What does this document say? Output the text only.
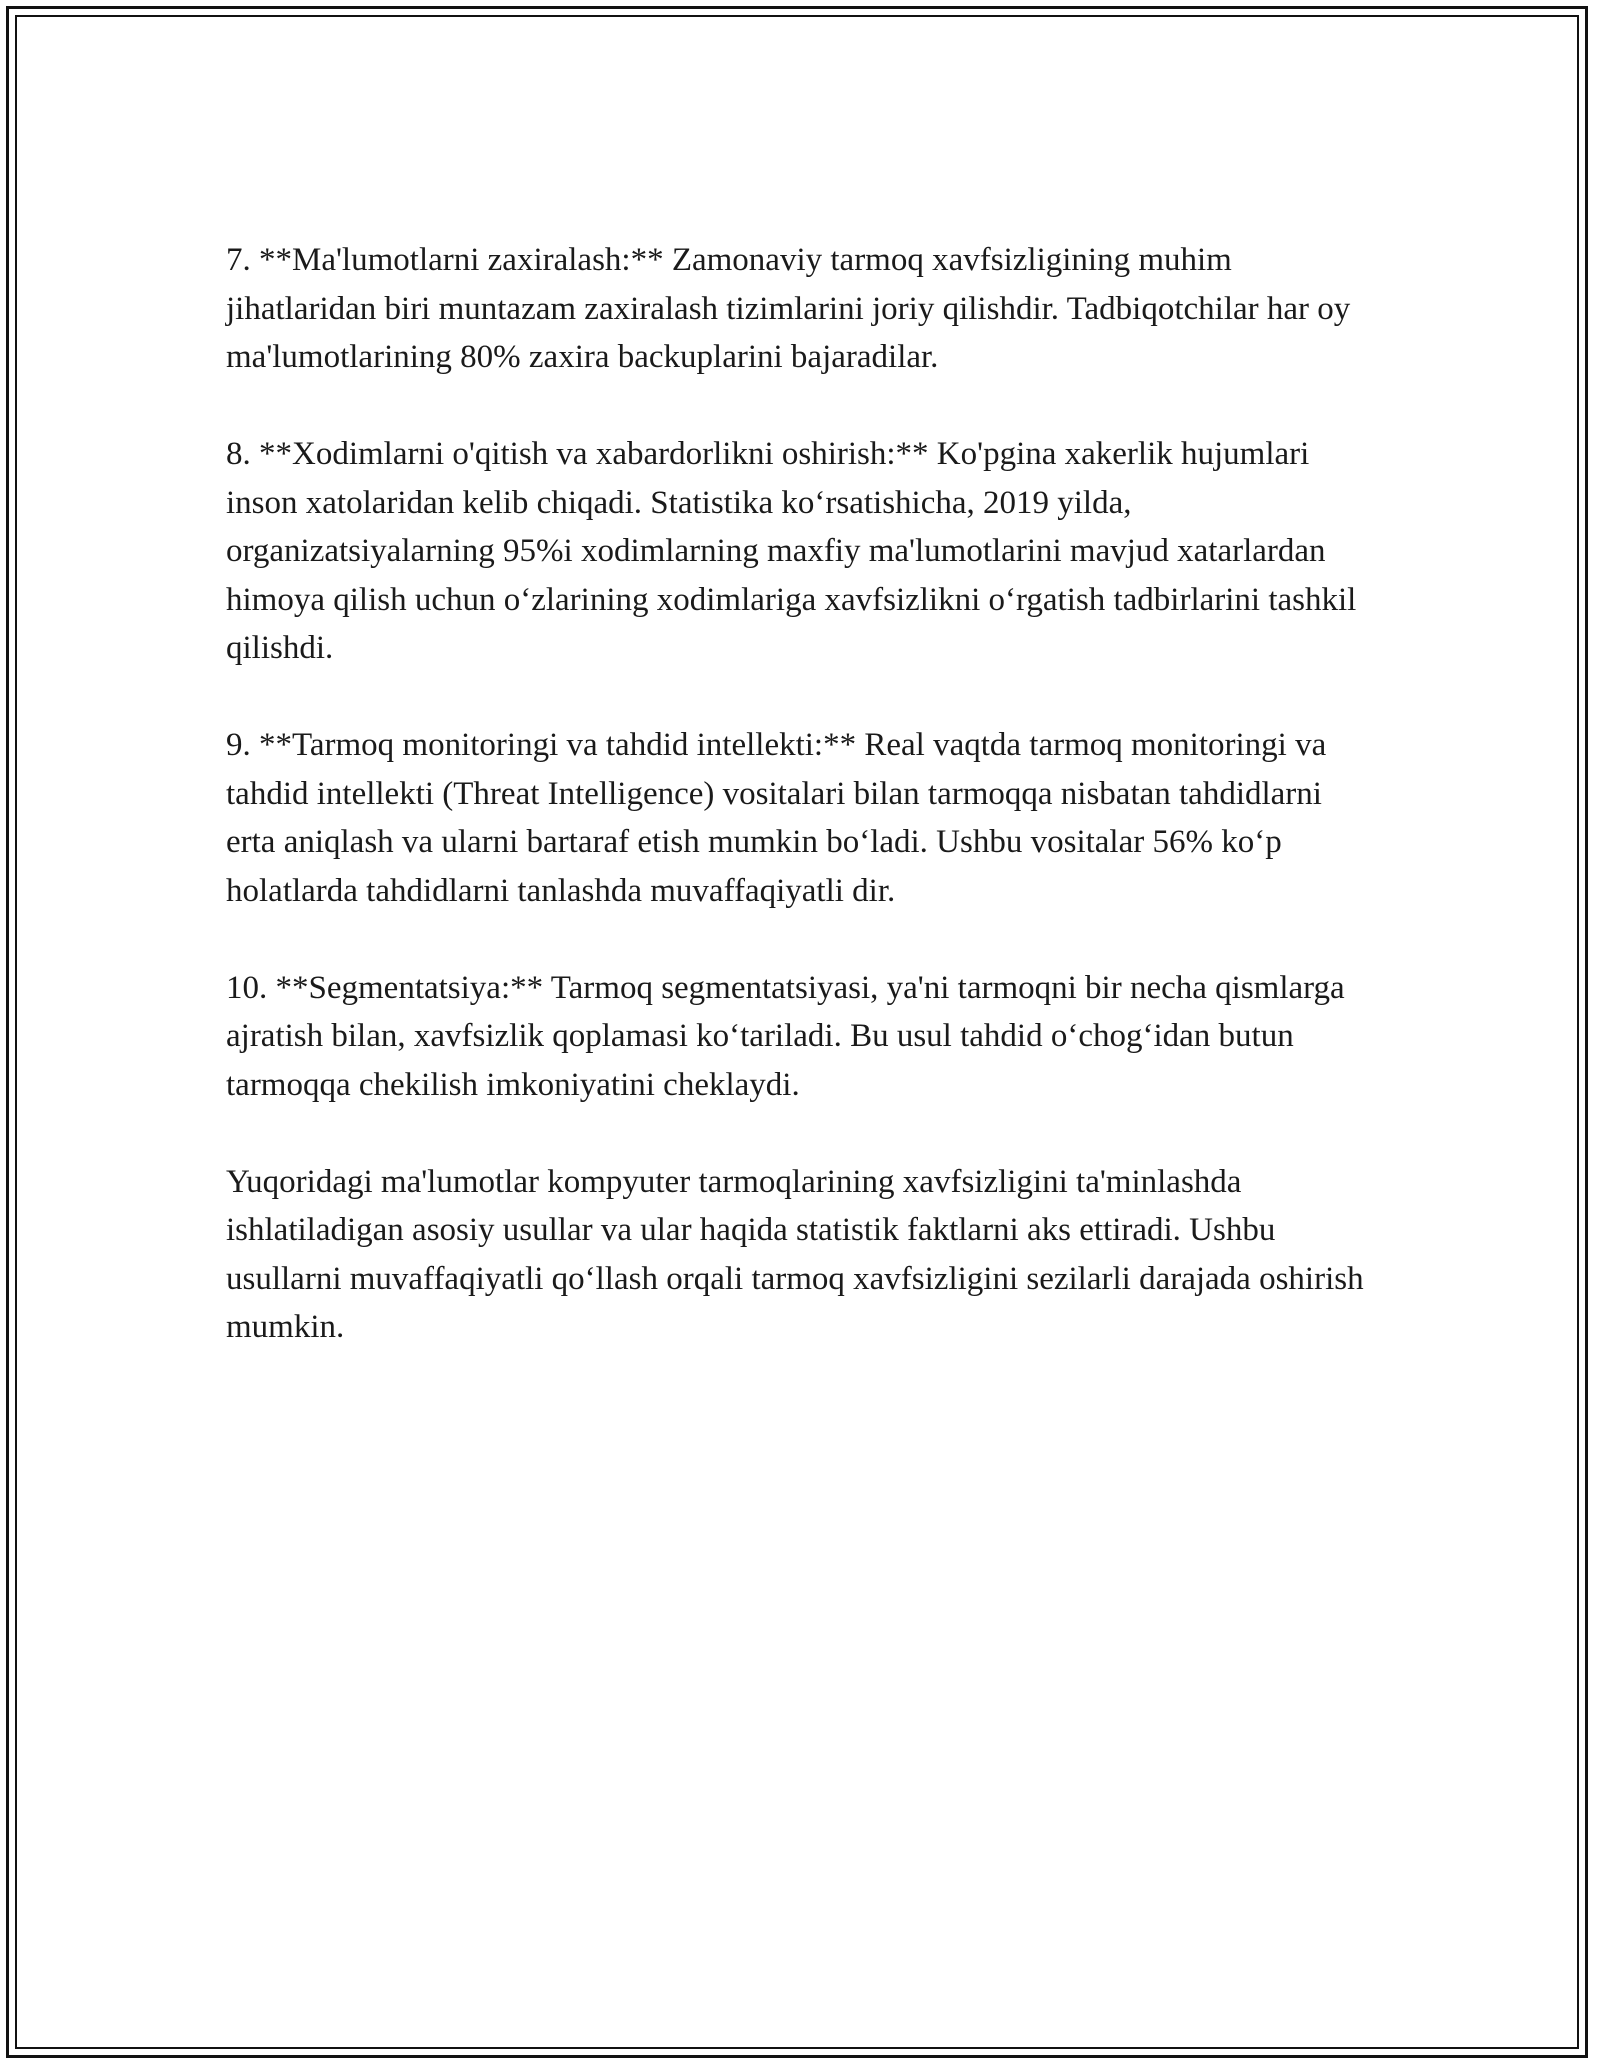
7. **Ma'lumotlarni zaxiralash:** Zamonaviy tarmoq xavfsizligining muhim jihatlaridan biri muntazam zaxiralash tizimlarini joriy qilishdir. Tadbiqotchilar har oy ma'lumotlarining 80% zaxira backuplarini bajaradilar.

8. **Xodimlarni o'qitish va xabardorlikni oshirish:** Ko'pgina xakerlik hujumlari inson xatolaridan kelib chiqadi. Statistika ko‘rsatishicha, 2019 yilda, organizatsiyalarning 95%i xodimlarning maxfiy ma'lumotlarini mavjud xatarlardan himoya qilish uchun o‘zlarining xodimlariga xavfsizlikni o‘rgatish tadbirlarini tashkil qilishdi.

9. **Tarmoq monitoringi va tahdid intellekti:** Real vaqtda tarmoq monitoringi va tahdid intellekti (Threat Intelligence) vositalari bilan tarmoqqa nisbatan tahdidlarni erta aniqlash va ularni bartaraf etish mumkin bo‘ladi. Ushbu vositalar 56% ko‘p holatlarda tahdidlarni tanlashda muvaffaqiyatli dir.

10. **Segmentatsiya:** Tarmoq segmentatsiyasi, ya'ni tarmoqni bir necha qismlarga ajratish bilan, xavfsizlik qoplamasi ko‘tariladi. Bu usul tahdid o‘chog‘idan butun tarmoqqa chekilish imkoniyatini cheklaydi.

Yuqoridagi ma'lumotlar kompyuter tarmoqlarining xavfsizligini ta'minlashda ishlatiladigan asosiy usullar va ular haqida statistik faktlarni aks ettiradi. Ushbu usullarni muvaffaqiyatli qo‘llash orqali tarmoq xavfsizligini sezilarli darajada oshirish mumkin.
